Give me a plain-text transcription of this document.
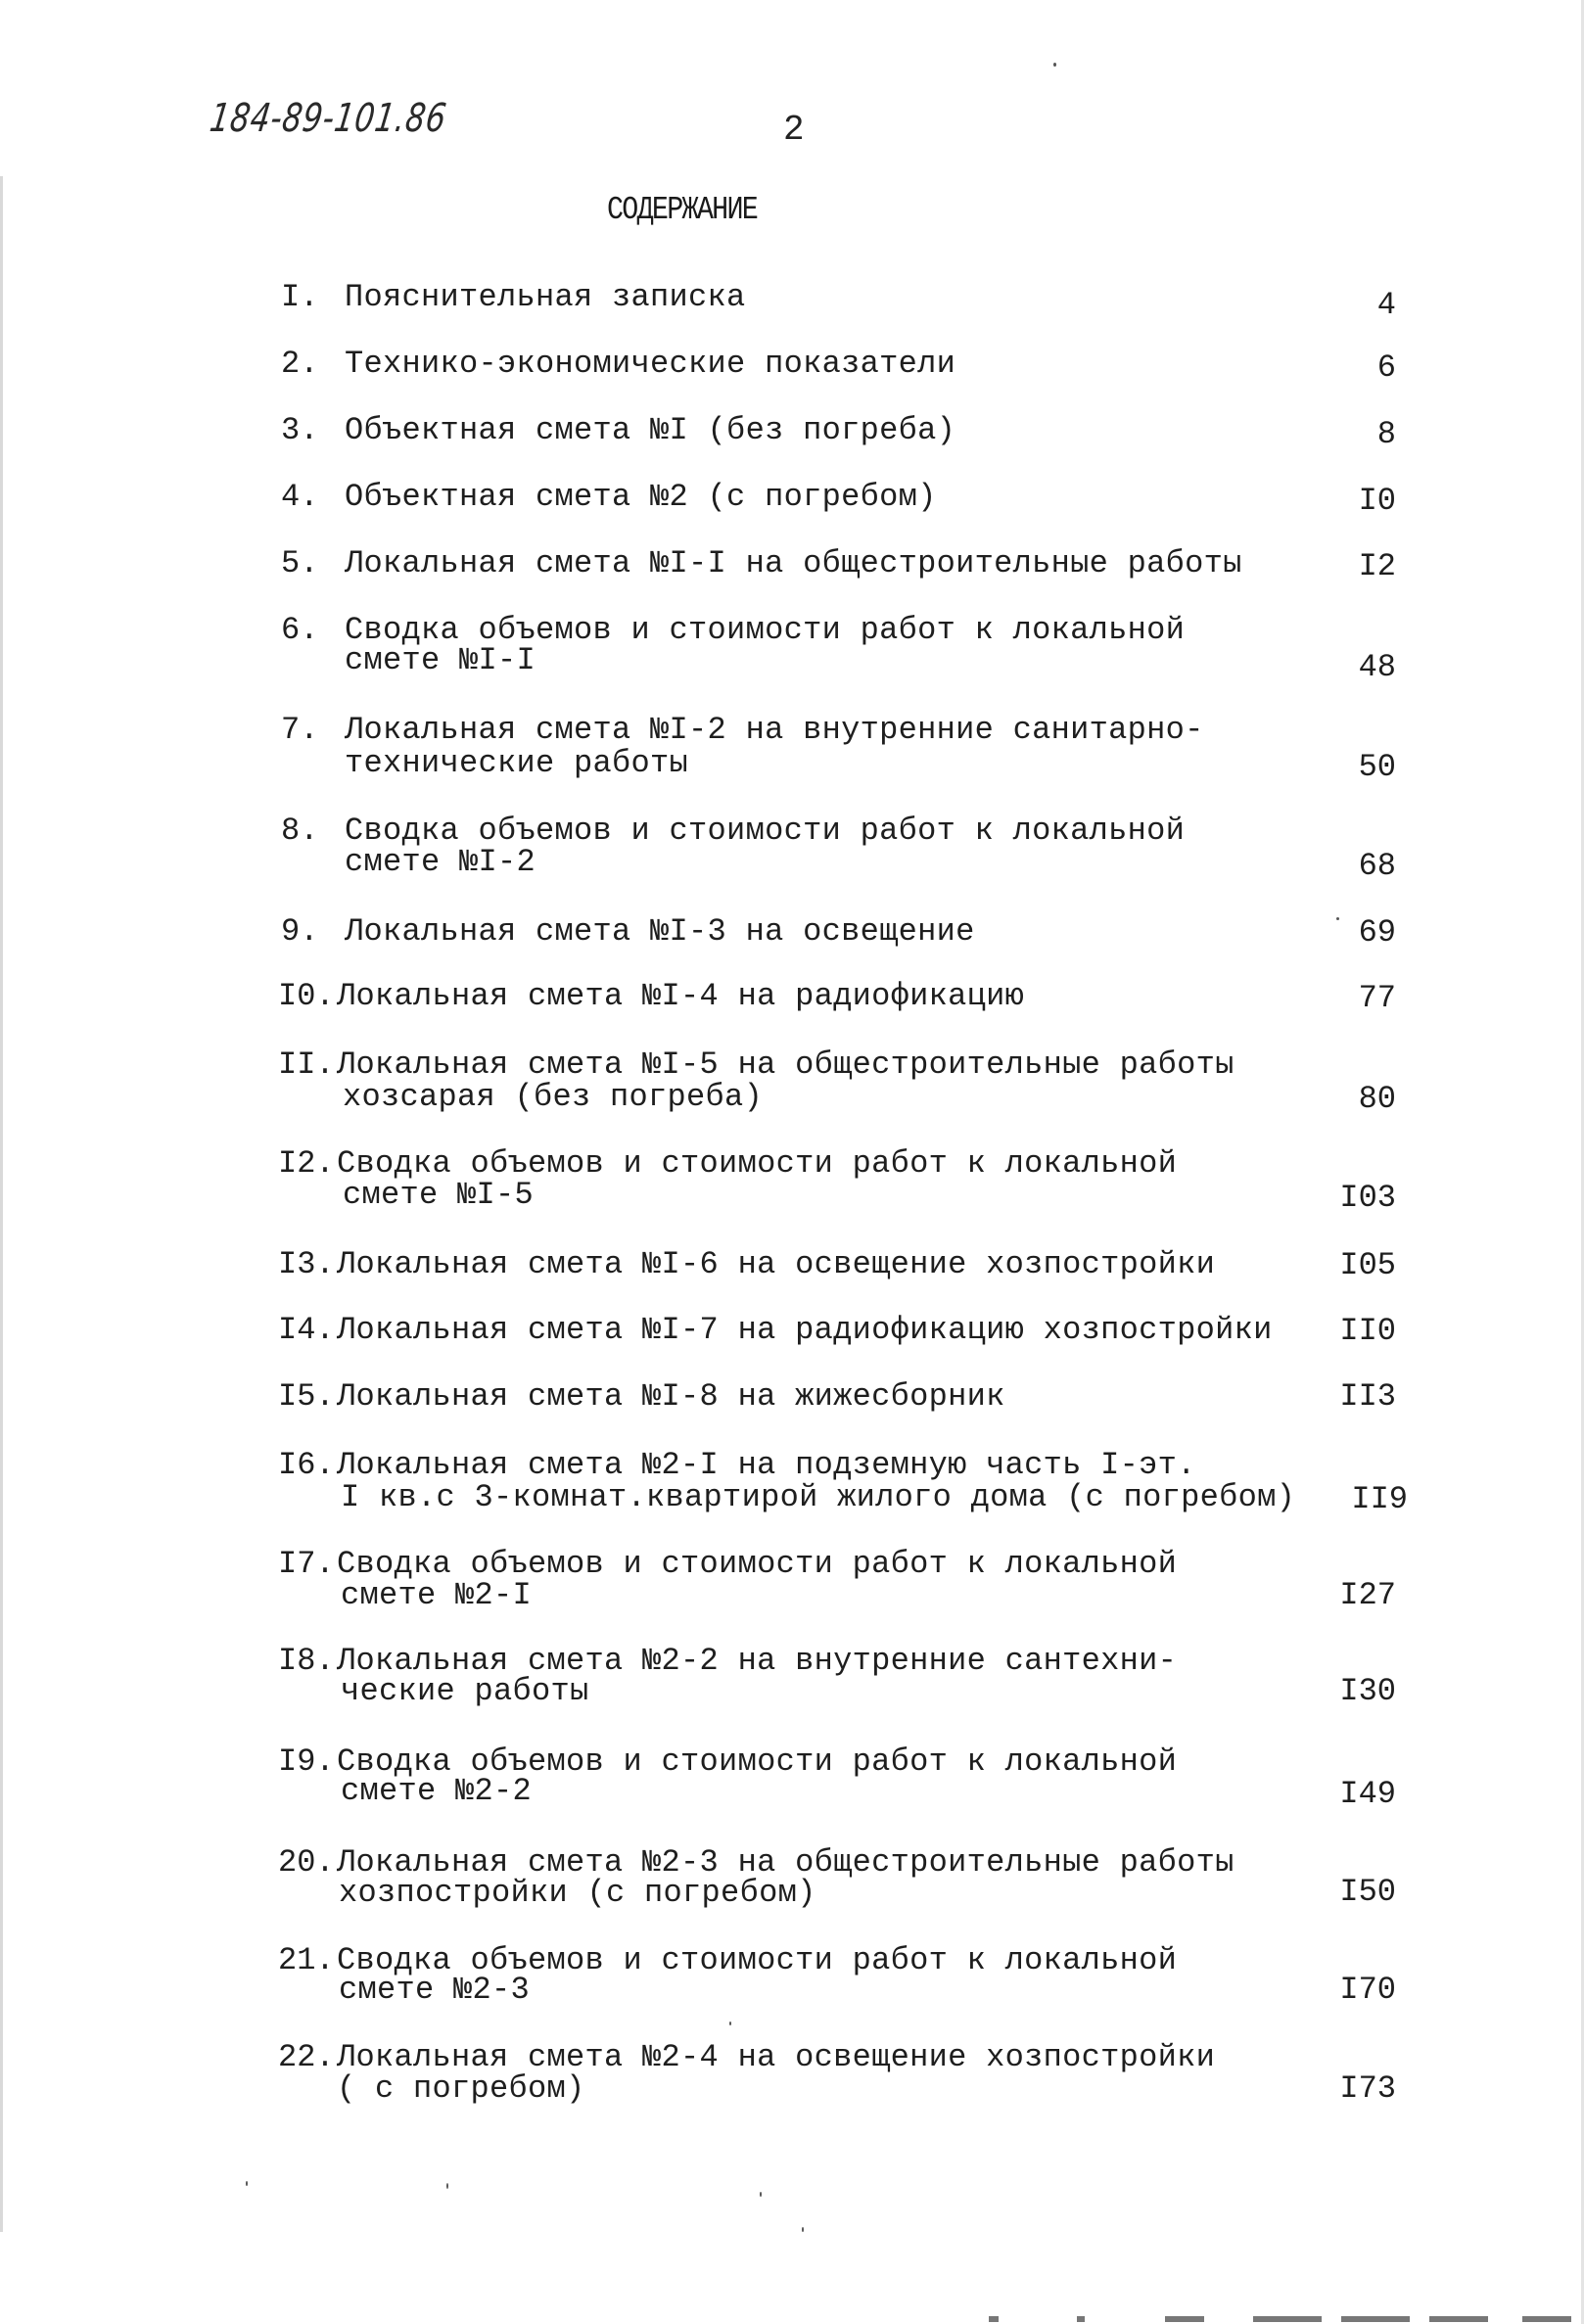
184-89-101.86	2
СОДЕРЖАНИЕ
I. Пояснительная записка	4
2. Технико-экономические показатели	6
3. Объектная смета №I (без погреба)	8
4. Объектная смета №2 (с погребом)	I0
5. Локальная смета №I-I на общестроительные работы	I2
6. Сводка объемов и стоимости работ к локальной
смете №I-I	48
7. Локальная смета №I-2 на внутренние санитарно-
технические работы	50
8. Сводка объемов и стоимости работ к локальной
смете №I-2	68
9. Локальная смета №I-3 на освещение	69
I0. Локальная смета №I-4 на радиофикацию	77
II. Локальная смета №I-5 на общестроительные работы
хозсарая (без погреба)	80
I2. Сводка объемов и стоимости работ к локальной
смете №I-5	I03
I3. Локальная смета №I-6 на освещение хозпостройки	I05
I4. Локальная смета №I-7 на радиофикацию хозпостройки II0
I5. Локальная смета №I-8 на жижесборник	II3
I6. Локальная смета №2-I на подземную часть I-эт.
I кв.с 3-комнат.квартирой жилого дома (с погребом) II9
I7. Сводка объемов и стоимости работ к локальной
смете №2-I	I27
I8. Локальная смета №2-2 на внутренние сантехни-
ческие работы	I30
I9. Сводка объемов и стоимости работ к локальной
смете №2-2	I49
20. Локальная смета №2-3 на общестроительные работы
хозпостройки (с погребом)	I50
21. Сводка объемов и стоимости работ к локальной
смете №2-3	I70
22. Локальная смета №2-4 на освещение хозпостройки
( с погребом)	I73
